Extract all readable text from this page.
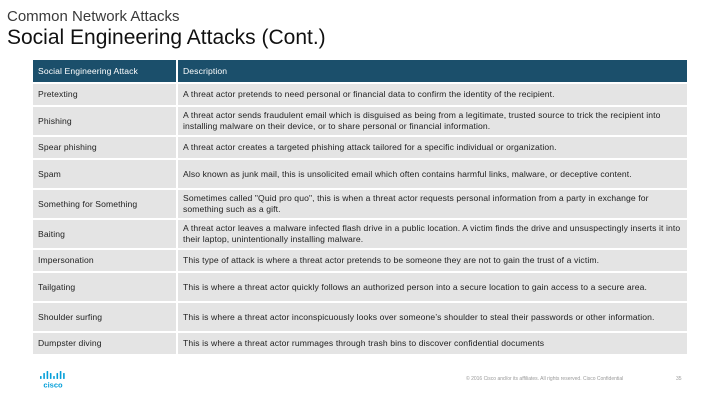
Common Network Attacks
Social Engineering Attacks (Cont.)
Social Engineering Attack	Description
Pretexting	A threat actor pretends to need personal or financial data to confirm the identity of the recipient.
Phishing	A threat actor sends fraudulent email which is disguised as being from a legitimate, trusted source to trick the recipient into installing malware on their device, or to share personal or financial information.
Spear phishing	A threat actor creates a targeted phishing attack tailored for a specific individual or organization.
Spam	Also known as junk mail, this is unsolicited email which often contains harmful links, malware, or deceptive content.
Something for Something	Sometimes called "Quid pro quo", this is when a threat actor requests personal information from a party in exchange for something such as a gift.
Baiting	A threat actor leaves a malware infected flash drive in a public location. A victim finds the drive and unsuspectingly inserts it into their laptop, unintentionally installing malware.
Impersonation	This type of attack is where a threat actor pretends to be someone they are not to gain the trust of a victim.
Tailgating	This is where a threat actor quickly follows an authorized person into a secure location to gain access to a secure area.
Shoulder surfing	This is where a threat actor inconspicuously looks over someone’s shoulder to steal their passwords or other information.
Dumpster diving	This is where a threat actor rummages through trash bins to discover confidential documents
cisco
© 2016 Cisco and/or its affiliates. All rights reserved. Cisco Confidential	35
